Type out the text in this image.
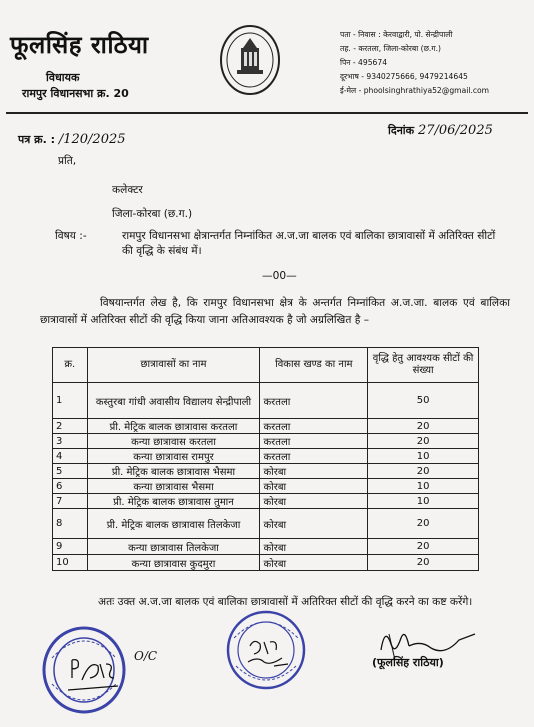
फूलसिंह राठिया
विधायक
रामपुर विधानसभा क्र. 20
पता - निवास : केरवाद्वारी, पो. सेन्द्रीपाली
तह. - करतला, जिला-कोरबा (छ.ग.)
पिन - 495674
दूरभाष - 9340275666, 9479214645
ई-मेल - phoolsinghrathiya52@gmail.com
पत्र क्र. : /120/2025
दिनांक 27/06/2025
प्रति,
कलेक्टर
जिला-कोरबा (छ.ग.)
विषय :-	रामपुर विधानसभा क्षेत्रान्तर्गत निम्नांकित अ.ज.जा बालक एवं बालिका छात्रावासों में अतिरिक्त सीटों की वृद्धि के संबंध में।
—00—
विषयान्तर्गत लेख है, कि रामपुर विधानसभा क्षेत्र के अन्तर्गत निम्नांकित अ.ज.जा. बालक एवं बालिका छात्रावासों में अतिरिक्त सीटों की वृद्धि किया जाना अतिआवश्यक है जो अग्रलिखित है –
क्र.	छात्रावासों का नाम	विकास खण्ड का नाम	वृद्धि हेतु आवश्यक सीटों की संख्या
1	कस्तुरबा गांधी अवासीय विद्यालय सेन्द्रीपाली	करतला	50
2	प्री. मेट्रिक बालक छात्रावास करतला	करतला	20
3	कन्या छात्रावास करतला	करतला	20
4	कन्या छात्रावास रामपुर	करतला	10
5	प्री. मेट्रिक बालक छात्रावास भैसमा	कोरबा	20
6	कन्या छात्रावास भैसमा	कोरबा	10
7	प्री. मेट्रिक बालक छात्रावास तुमान	कोरबा	10
8	प्री. मेट्रिक बालक छात्रावास तिलकेजा	कोरबा	20
9	कन्या छात्रावास तिलकेजा	कोरबा	20
10	कन्या छात्रावास कुदमुरा	कोरबा	20
अतः उक्त अ.ज.जा बालक एवं बालिका छात्रावासों में अतिरिक्त सीटों की वृद्धि करने का कष्ट करेंगे।
O/C	(फूलसिंह राठिया)
